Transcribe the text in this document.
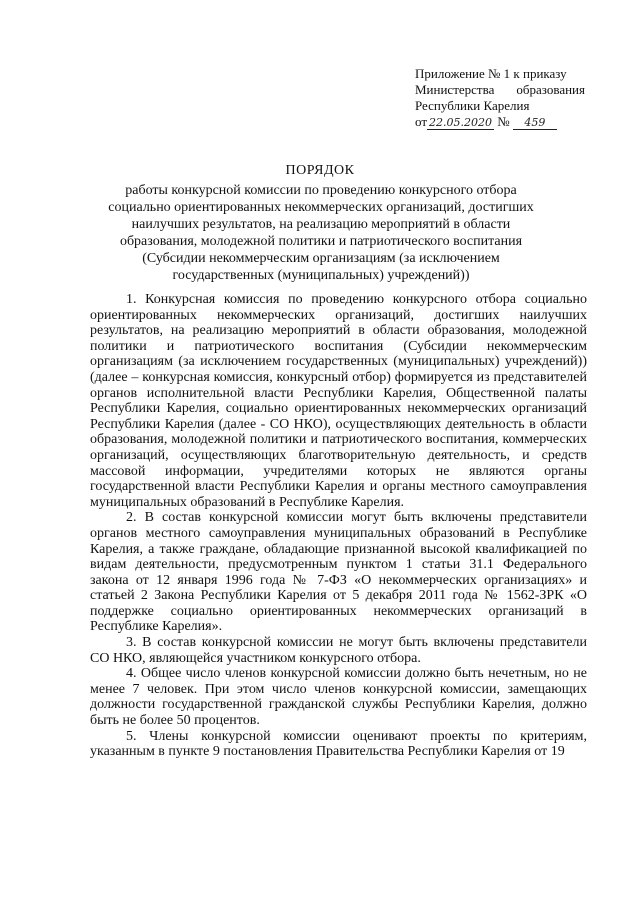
Приложение № 1 к приказу
Министерства образования
Республики Карелия
от 22.05.2020 № 459
ПОРЯДОК
работы конкурсной комиссии по проведению конкурсного отбора социально ориентированных некоммерческих организаций, достигших наилучших результатов, на реализацию мероприятий в области образования, молодежной политики и патриотического воспитания (Субсидии некоммерческим организациям (за исключением государственных (муниципальных) учреждений))

1. Конкурсная комиссия по проведению конкурсного отбора социально ориентированных некоммерческих организаций, достигших наилучших результатов, на реализацию мероприятий в области образования, молодежной политики и патриотического воспитания (Субсидии некоммерческим организациям (за исключением государственных (муниципальных) учреждений)) (далее – конкурсная комиссия, конкурсный отбор) формируется из представителей органов исполнительной власти Республики Карелия, Общественной палаты Республики Карелия, социально ориентированных некоммерческих организаций Республики Карелия (далее - СО НКО), осуществляющих деятельность в области образования, молодежной политики и патриотического воспитания, коммерческих организаций, осуществляющих благотворительную деятельность, и средств массовой информации, учредителями которых не являются органы государственной власти Республики Карелия и органы местного самоуправления муниципальных образований в Республике Карелия.

2. В состав конкурсной комиссии могут быть включены представители органов местного самоуправления муниципальных образований в Республике Карелия, а также граждане, обладающие признанной высокой квалификацией по видам деятельности, предусмотренным пунктом 1 статьи 31.1 Федерального закона от 12 января 1996 года № 7-ФЗ «О некоммерческих организациях» и статьей 2 Закона Республики Карелия от 5 декабря 2011 года № 1562-ЗРК «О поддержке социально ориентированных некоммерческих организаций в Республике Карелия».

3. В состав конкурсной комиссии не могут быть включены представители СО НКО, являющейся участником конкурсного отбора.

4. Общее число членов конкурсной комиссии должно быть нечетным, но не менее 7 человек. При этом число членов конкурсной комиссии, замещающих должности государственной гражданской службы Республики Карелия, должно быть не более 50 процентов.

5. Члены конкурсной комиссии оценивают проекты по критериям, указанным в пункте 9 постановления Правительства Республики Карелия от 19
